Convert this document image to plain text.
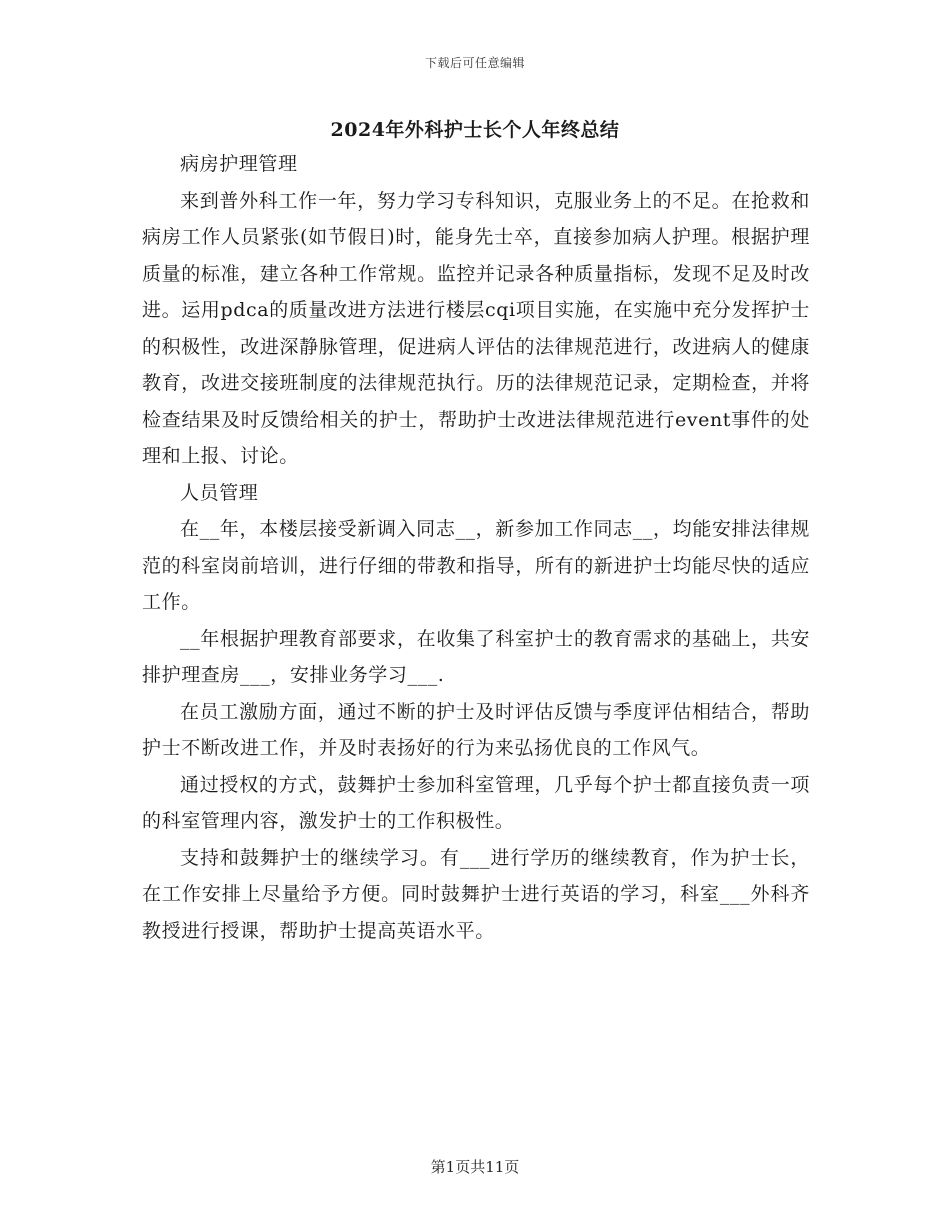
下载后可任意编辑
2024年外科护士长个人年终总结

病房护理管理

来到普外科工作一年，努力学习专科知识，克服业务上的不足。在抢救和病房工作人员紧张(如节假日)时，能身先士卒，直接参加病人护理。根据护理质量的标准，建立各种工作常规。监控并记录各种质量指标，发现不足及时改进。运用pdca的质量改进方法进行楼层cqi项目实施，在实施中充分发挥护士的积极性，改进深静脉管理，促进病人评估的法律规范进行，改进病人的健康教育，改进交接班制度的法律规范执行。历的法律规范记录，定期检查，并将检查结果及时反馈给相关的护士，帮助护士改进法律规范进行event事件的处理和上报、讨论。

人员管理

在__年，本楼层接受新调入同志__，新参加工作同志__，均能安排法律规范的科室岗前培训，进行仔细的带教和指导，所有的新进护士均能尽快的适应工作。

__年根据护理教育部要求，在收集了科室护士的教育需求的基础上，共安排护理查房___，安排业务学习___.

在员工激励方面，通过不断的护士及时评估反馈与季度评估相结合，帮助护士不断改进工作，并及时表扬好的行为来弘扬优良的工作风气。

通过授权的方式，鼓舞护士参加科室管理，几乎每个护士都直接负责一项的科室管理内容，激发护士的工作积极性。

支持和鼓舞护士的继续学习。有___进行学历的继续教育，作为护士长，在工作安排上尽量给予方便。同时鼓舞护士进行英语的学习，科室___外科齐教授进行授课，帮助护士提高英语水平。

第1页共11页
